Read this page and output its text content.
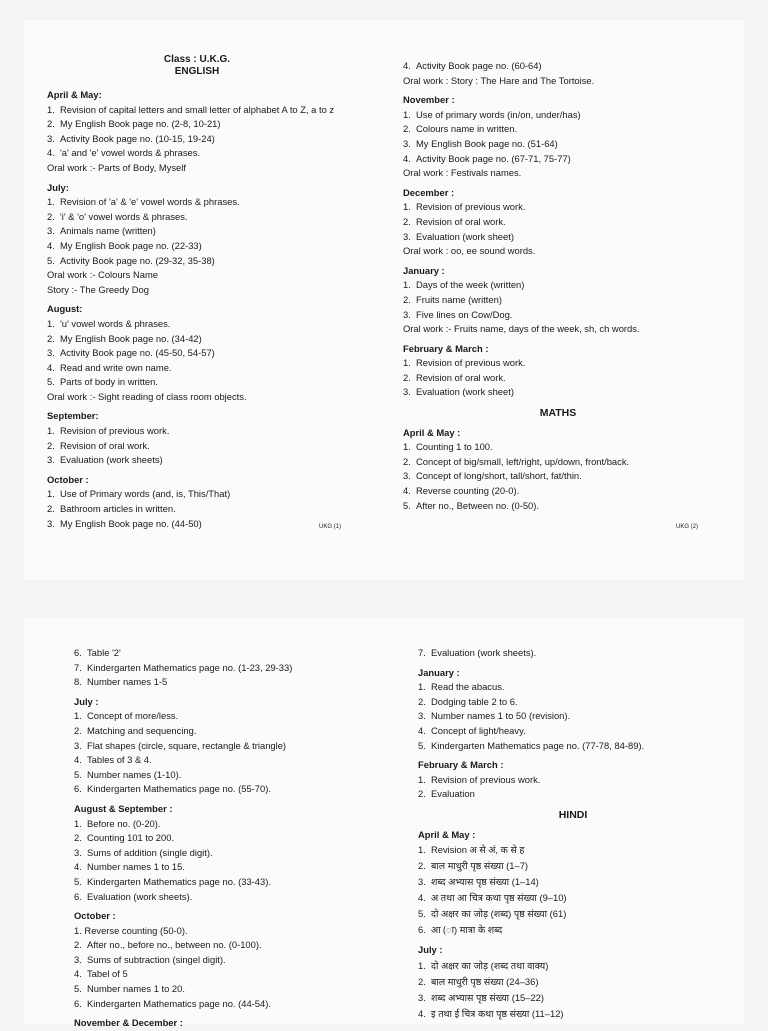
Class : U.K.G.
ENGLISH
April & May:
1. Revision of capital letters and small letter of alphabet A to Z, a to z
2. My English Book page no. (2-8, 10-21)
3. Activity Book page no. (10-15, 19-24)
4. 'a' and 'e' vowel words & phrases.
Oral work :- Parts of Body, Myself
July:
1. Revision of 'a' & 'e' vowel words & phrases.
2. 'i' & 'o' vowel words & phrases.
3. Animals name (written)
4. My English Book page no. (22-33)
5. Activity Book page no. (29-32, 35-38)
Oral work :- Colours Name
Story :- The Greedy Dog
August:
1. 'u' vowel words & phrases.
2. My English Book page no. (34-42)
3. Activity Book page no. (45-50, 54-57)
4. Read and write own name.
5. Parts of body in written.
Oral work :- Sight reading of class room objects.
September:
1. Revision of previous work.
2. Revision of oral work.
3. Evaluation (work sheets)
October :
1. Use of Primary words (and, is, This/That)
2. Bathroom articles in written.
3. My English Book page no. (44-50)
4. Activity Book page no. (60-64)
Oral work : Story : The Hare and The Tortoise.
November :
1. Use of primary words (in/on, under/has)
2. Colours name in written.
3. My English Book page no. (51-64)
4. Activity Book page no. (67-71, 75-77)
Oral work : Festivals names.
December :
1. Revision of previous work.
2. Revision of oral work.
3. Evaluation (work sheet)
Oral work : oo, ee sound words.
January :
1. Days of the week (written)
2. Fruits name (written)
3. Five lines on Cow/Dog.
Oral work :- Fruits name, days of the week, sh, ch words.
February & March :
1. Revision of previous work.
2. Revision of oral work.
3. Evaluation (work sheet)
MATHS
April & May :
1. Counting 1 to 100.
2. Concept of big/small, left/right, up/down, front/back.
3. Concept of long/short, tall/short, fat/thin.
4. Reverse counting (20-0).
5. After no., Between no. (0-50).
UKG (1)	UKG (2)
6. Table '2'
7. Kindergarten Mathematics page no. (1-23, 29-33)
8. Number names 1-5
July :
1. Concept of more/less.
2. Matching and sequencing.
3. Flat shapes (circle, square, rectangle & triangle)
4. Tables of 3 & 4.
5. Number names (1-10).
6. Kindergarten Mathematics page no. (55-70).
August & September :
1. Before no. (0-20).
2. Counting 101 to 200.
3. Sums of addition (single digit).
4. Number names 1 to 15.
5. Kindergarten Mathematics page no. (33-43).
6. Evaluation (work sheets).
October :
1. Reverse counting (50-0).
2. After no., before no., between no. (0-100).
3. Sums of subtraction (singel digit).
4. Tabel of 5
5. Number names 1 to 20.
6. Kindergarten Mathematics page no. (44-54).
November & December :
7. Evaluation (work sheets).
January :
1. Read the abacus.
2. Dodging table 2 to 6.
3. Number names 1 to 50 (revision).
4. Concept of light/heavy.
5. Kindergarten Mathematics page no. (77-78, 84-89).
February & March :
1. Revision of previous work.
2. Evaluation
HINDI
April & May :
1. Revision अ से अं, क से ह
2. बाल माधुरी पृष्ठ संख्या (1–7)
3. शब्द अभ्यास पृष्ठ संख्या (1–14)
4. अ तथा आ चित्र कथा पृष्ठ संख्या (9–10)
5. दो अक्षर का जोड़ (शब्द) पृष्ठ संख्या (61)
6. आ (ा) मात्रा के शब्द
July :
1. दो अक्षर का जोड़ (शब्द तथा वाक्य)
2. बाल माधुरी पृष्ठ संख्या (24–36)
3. शब्द अभ्यास पृष्ठ संख्या (15–22)
4. इ तथा ई चित्र कथा पृष्ठ संख्या (11–12)
